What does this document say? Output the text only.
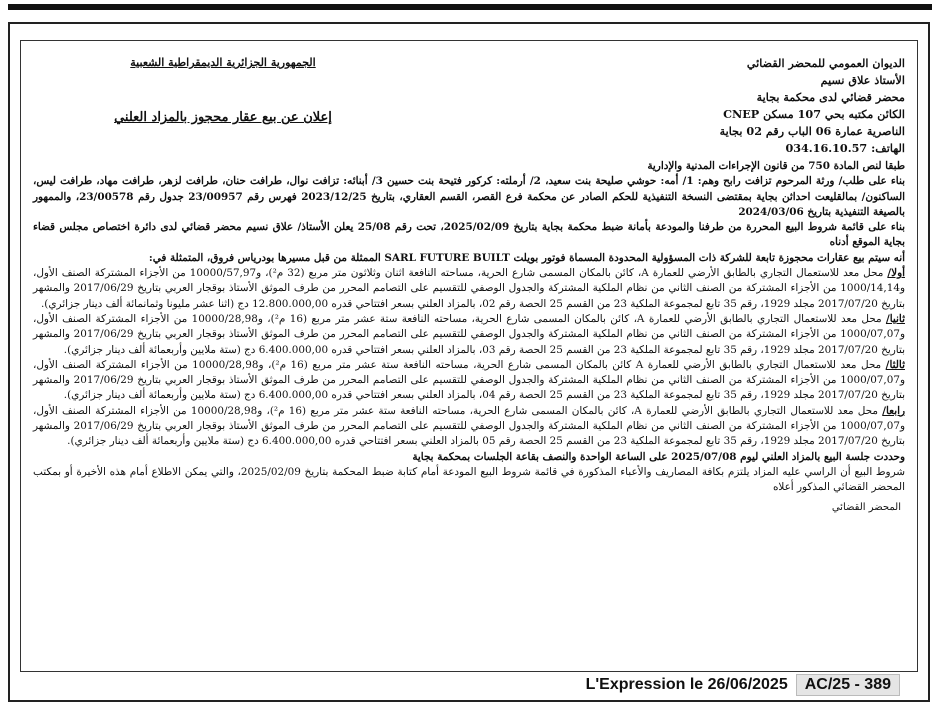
الديوان العمومي للمحضر القضائي
الأستاذ علاق نسيم
محضر قضائي لدى محكمة بجاية
الكائن مكتبه بحي 107 مسكن CNEP
الناصرية عمارة 06 الباب رقم 02 بجاية
الهاتف: 034.16.10.57
الجمهورية الجزائرية الديمقراطية الشعبية
إعلان عن بيع عقار محجوز بالمزاد العلني

طبقا لنص المادة 750 من قانون الإجراءات المدنية والإدارية

بناء على طلب/ ورثة المرحوم تزافت رابح وهم: 1/ أمه: حوشي صليحة بنت سعيد، 2/ أرملته: كركور فتيحة بنت حسين 3/ أبنائه: تزافت نوال، طرافت حنان، طرافت لزهر، طرافت مهاد، طرافت ليس، الساكنون/ بمالقليعت احداثن بجاية بمقتضى النسخة التنفيذية للحكم الصادر عن محكمة فرع القصر، القسم العقاري، بتاريخ 2023/12/25 فهرس رقم 23/00957 جدول رقم 23/00578، والممهور بالصيغة التنفيذية بتاريخ 2024/03/06

بناء على قائمة شروط البيع المحررة من طرفنا والمودعة بأمانة ضبط محكمة بجاية بتاريخ 2025/02/09، تحت رقم 25/08 يعلن الأستاذ/ علاق نسيم محضر قضائي لدى دائرة اختصاص مجلس قضاء بجاية الموقع أدناه

أنه سيتم بيع عقارات محجوزة تابعة للشركة ذات المسؤولية المحدودة المسماة فوتور بويلت SARL FUTURE BUILT الممثلة من قبل مسيرها بودرياس فروق، المتمثلة في:

أولا/ محل معد للاستعمال التجاري بالطابق الأرضي للعمارة A، كائن بالمكان المسمى شارع الحرية، مساحته النافعة اثنان وثلاثون متر مربع (32 م²)، و10000/57,97 من الأجزاء المشتركة الصنف الأول، و1000/14,14 من الأجزاء المشتركة من الصنف الثاني من نظام الملكية المشتركة والجدول الوصفي للتقسيم على التصامم المحرر من طرف الموثق الأستاذ بوقجار العربي بتاريخ 2017/06/29 والمشهر بتاريخ 2017/07/20 مجلد 1929، رقم 35 تابع لمجموعة الملكية 23 من القسم 25 الحصة رقم 02، بالمزاد العلني بسعر افتتاحي قدره 12.800.000,00 دج (اثنا عشر مليونا وثمانمائة ألف دينار جزائري).

ثانيا/ محل معد للاستعمال التجاري بالطابق الأرضي للعمارة A، كائن بالمكان المسمى شارع الحرية، مساحته النافعة ستة عشر متر مربع (16 م²)، و10000/28,98 من الأجزاء المشتركة الصنف الأول، و1000/07,07 من الأجزاء المشتركة من الصنف الثاني من نظام الملكية المشتركة والجدول الوصفي للتقسيم على التصامم المحرر من طرف الموثق الأستاذ بوقجار العربي بتاريخ 2017/06/29 والمشهر بتاريخ 2017/07/20 مجلد 1929، رقم 35 تابع لمجموعة الملكية 23 من القسم 25 الحصة رقم 03، بالمزاد العلني بسعر افتتاحي قدره 6.400.000,00 دج (ستة ملايين وأربعمائة ألف دينار جزائري).

ثالثا/ محل معد للاستعمال التجاري بالطابق الأرضي للعمارة A كائن بالمكان المسمى شارع الحرية، مساحته النافعة ستة عشر متر مربع (16 م²)، و10000/28,98 من الأجزاء المشتركة الصنف الأول، و1000/07,07 من الأجزاء المشتركة من الصنف الثاني من نظام الملكية المشتركة والجدول الوصفي للتقسيم على التصامم المحرر من طرف الموثق الأستاذ بوقجار العربي بتاريخ 2017/06/29 والمشهر بتاريخ 2017/07/20 مجلد 1929، رقم 35 تابع لمجموعة الملكية 23 من القسم 25 الحصة رقم 04، بالمزاد العلني بسعر افتتاحي قدره 6.400.000,00 دج (ستة ملايين وأربعمائة ألف دينار جزائري).

رابعا/ محل معد للاستعمال التجاري بالطابق الأرضي للعمارة A، كائن بالمكان المسمى شارع الحرية، مساحته النافعة ستة عشر متر مربع (16 م²)، و10000/28,98 من الأجزاء المشتركة الصنف الأول، و1000/07,07 من الأجزاء المشتركة من الصنف الثاني من نظام الملكية المشتركة والجدول الوصفي للتقسيم على التصامم المحرر من طرف الموثق الأستاذ بوقجار العربي بتاريخ 2017/06/29 والمشهر بتاريخ 2017/07/20 مجلد 1929، رقم 35 تابع لمجموعة الملكية 23 من القسم 25 الحصة رقم 05 بالمزاد العلني بسعر افتتاحي قدره 6.400.000,00 دج (ستة ملايين وأربعمائة ألف دينار جزائري).

وحددت جلسة البيع بالمزاد العلني ليوم 2025/07/08 على الساعة الواحدة والنصف بقاعة الجلسات بمحكمة بجاية

شروط البيع أن الراسي عليه المزاد يلتزم بكافة المصاريف والأعباء المذكورة في قائمة شروط البيع المودعة أمام كتابة ضبط المحكمة بتاريخ 2025/02/09، والتي يمكن الاطلاع أمام هذه الأخيرة أو بمكتب المحضر القضائي المذكور أعلاه

المحضر القضائي
L'Expression le 26/06/2025	AC/25 - 389
